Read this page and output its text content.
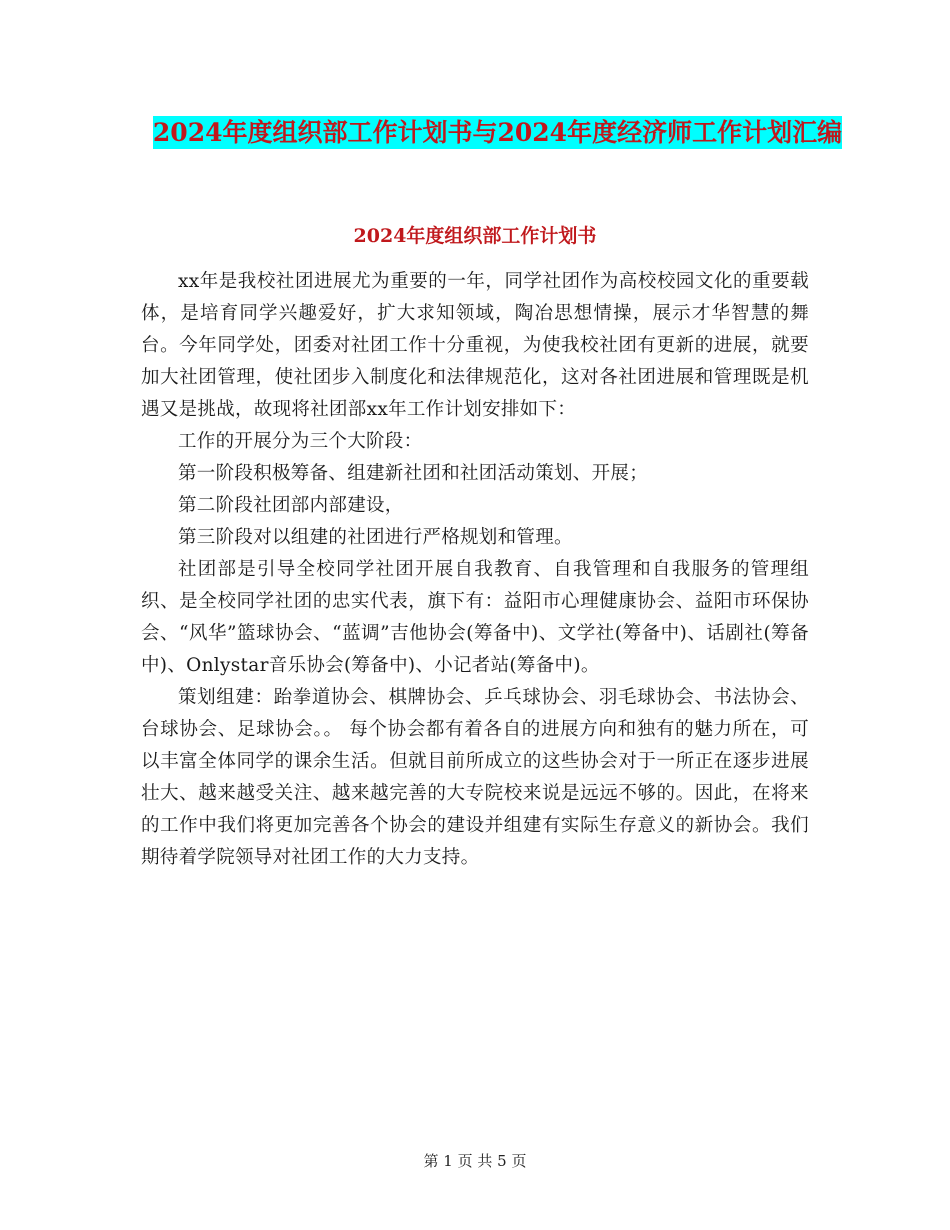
2024年度组织部工作计划书与2024年度经济师工作计划汇编
2024年度组织部工作计划书

xx年是我校社团进展尤为重要的一年，同学社团作为高校校园文化的重要载体，是培育同学兴趣爱好，扩大求知领域，陶冶思想情操，展示才华智慧的舞台。今年同学处，团委对社团工作十分重视，为使我校社团有更新的进展，就要加大社团管理，使社团步入制度化和法律规范化，这对各社团进展和管理既是机遇又是挑战，故现将社团部xx年工作计划安排如下：

工作的开展分为三个大阶段：

第一阶段积极筹备、组建新社团和社团活动策划、开展；

第二阶段社团部内部建设，

第三阶段对以组建的社团进行严格规划和管理。

社团部是引导全校同学社团开展自我教育、自我管理和自我服务的管理组织、是全校同学社团的忠实代表，旗下有：益阳市心理健康协会、益阳市环保协会、“风华”篮球协会、“蓝调”吉他协会(筹备中)、文学社(筹备中)、话剧社(筹备中)、Onlystar音乐协会(筹备中)、小记者站(筹备中)。

策划组建：跆拳道协会、棋牌协会、乒乓球协会、羽毛球协会、书法协会、台球协会、足球协会。。 每个协会都有着各自的进展方向和独有的魅力所在，可以丰富全体同学的课余生活。但就目前所成立的这些协会对于一所正在逐步进展壮大、越来越受关注、越来越完善的大专院校来说是远远不够的。因此，在将来的工作中我们将更加完善各个协会的建设并组建有实际生存意义的新协会。我们期待着学院领导对社团工作的大力支持。

第 1 页 共 5 页
